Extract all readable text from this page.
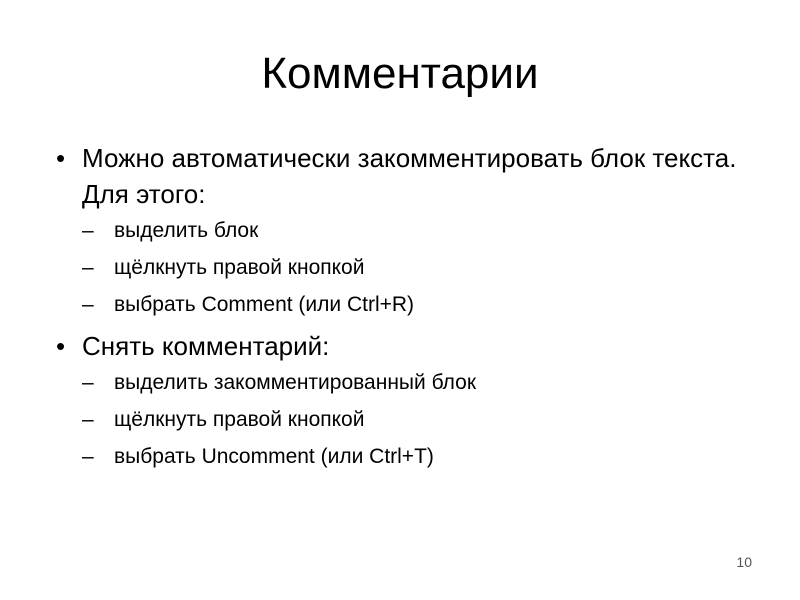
Комментарии
• Можно автоматически закомментировать блок текста. Для этого:
– выделить блок
– щёлкнуть правой кнопкой
– выбрать Comment (или Ctrl+R)
• Снять комментарий:
– выделить закомментированный блок
– щёлкнуть правой кнопкой
– выбрать Uncomment (или Ctrl+T)
10
